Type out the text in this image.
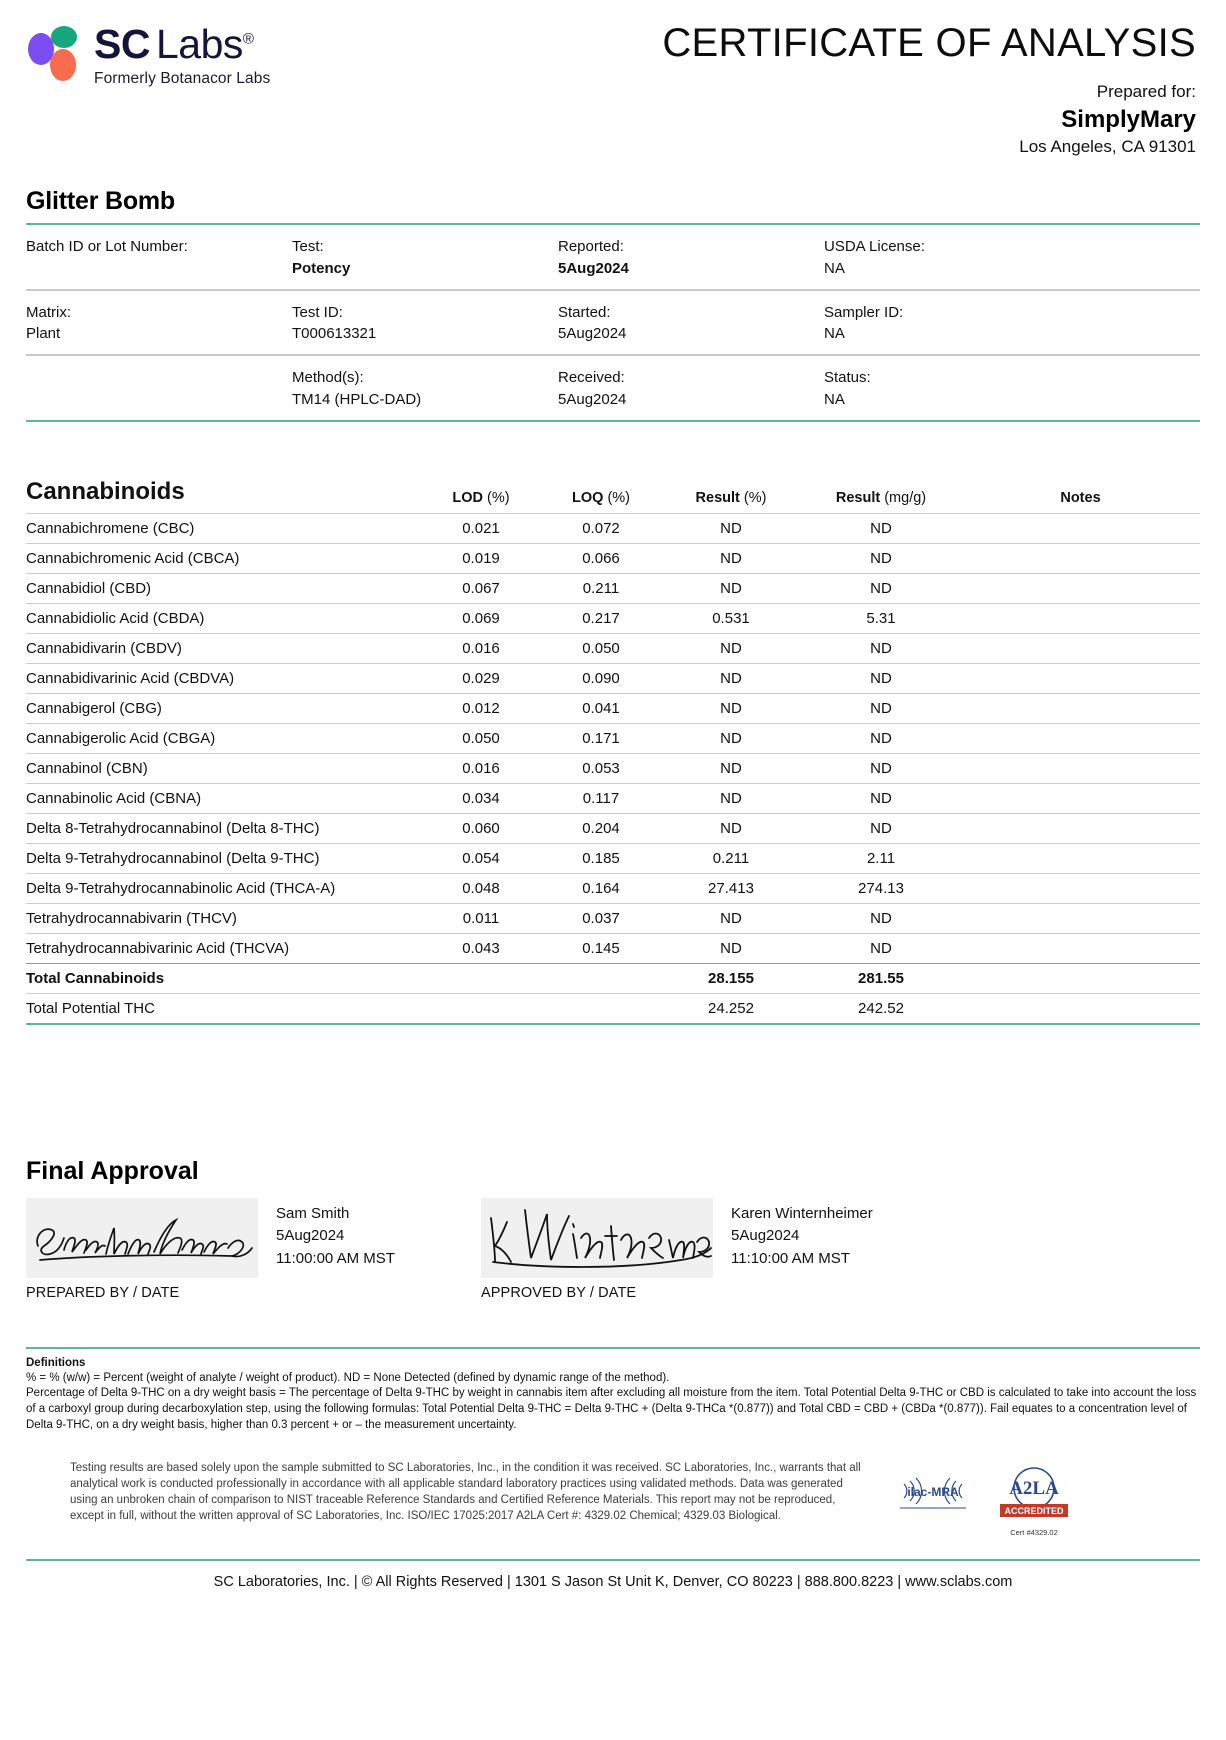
SC Labs®
Formerly Botanacor Labs
CERTIFICATE OF ANALYSIS
Prepared for:
SimplyMary
Los Angeles, CA 91301
Glitter Bomb
Batch ID or Lot Number:	Test:
Potency
Reported:
5Aug2024
USDA License:
NA
Matrix:
Plant
Test ID:
T000613321
Started:
5Aug2024
Sampler ID:
NA
Method(s):
TM14 (HPLC-DAD)
Received:
5Aug2024
Status:
NA
Cannabinoids	LOD (%)	LOQ (%)	Result (%)	Result (mg/g)	Notes
Cannabichromene (CBC)	0.021	0.072	ND	ND	
Cannabichromenic Acid (CBCA)	0.019	0.066	ND	ND	
Cannabidiol (CBD)	0.067	0.211	ND	ND	
Cannabidiolic Acid (CBDA)	0.069	0.217	0.531	5.31	
Cannabidivarin (CBDV)	0.016	0.050	ND	ND	
Cannabidivarinic Acid (CBDVA)	0.029	0.090	ND	ND	
Cannabigerol (CBG)	0.012	0.041	ND	ND	
Cannabigerolic Acid (CBGA)	0.050	0.171	ND	ND	
Cannabinol (CBN)	0.016	0.053	ND	ND	
Cannabinolic Acid (CBNA)	0.034	0.117	ND	ND	
Delta 8-Tetrahydrocannabinol (Delta 8-THC)	0.060	0.204	ND	ND	
Delta 9-Tetrahydrocannabinol (Delta 9-THC)	0.054	0.185	0.211	2.11	
Delta 9-Tetrahydrocannabinolic Acid (THCA-A)	0.048	0.164	27.413	274.13	
Tetrahydrocannabivarin (THCV)	0.011	0.037	ND	ND	
Tetrahydrocannabivarinic Acid (THCVA)	0.043	0.145	ND	ND	
Total Cannabinoids			28.155	281.55	
Total Potential THC			24.252	242.52	
Final Approval
Sam Smith
5Aug2024
11:00:00 AM MST
PREPARED BY / DATE
Karen Winternheimer
5Aug2024
11:10:00 AM MST
APPROVED BY / DATE
Definitions
% = % (w/w) = Percent (weight of analyte / weight of product). ND = None Detected (defined by dynamic range of the method).
Percentage of Delta 9-THC on a dry weight basis = The percentage of Delta 9-THC by weight in cannabis item after excluding all moisture from the item. Total Potential Delta 9-THC or CBD is calculated to take into account the loss of a carboxyl group during decarboxylation step, using the following formulas: Total Potential Delta 9-THC = Delta 9-THC + (Delta 9-THCa *(0.877)) and Total CBD = CBD + (CBDa *(0.877)). Fail equates to a concentration level of Delta 9-THC, on a dry weight basis, higher than 0.3 percent + or – the measurement uncertainty.
Testing results are based solely upon the sample submitted to SC Laboratories, Inc., in the condition it was received. SC Laboratories, Inc., warrants that all analytical work is conducted professionally in accordance with all applicable standard laboratory practices using validated methods. Data was generated using an unbroken chain of comparison to NIST traceable Reference Standards and Certified Reference Materials. This report may not be reproduced, except in full, without the written approval of SC Laboratories, Inc. ISO/IEC 17025:2017 A2LA Cert #: 4329.02 Chemical; 4329.03 Biological.
ilac-MRA	A2LA
ACCREDITED
Cert #4329.02
SC Laboratories, Inc. | © All Rights Reserved | 1301 S Jason St Unit K, Denver, CO 80223 | 888.800.8223 | www.sclabs.com
